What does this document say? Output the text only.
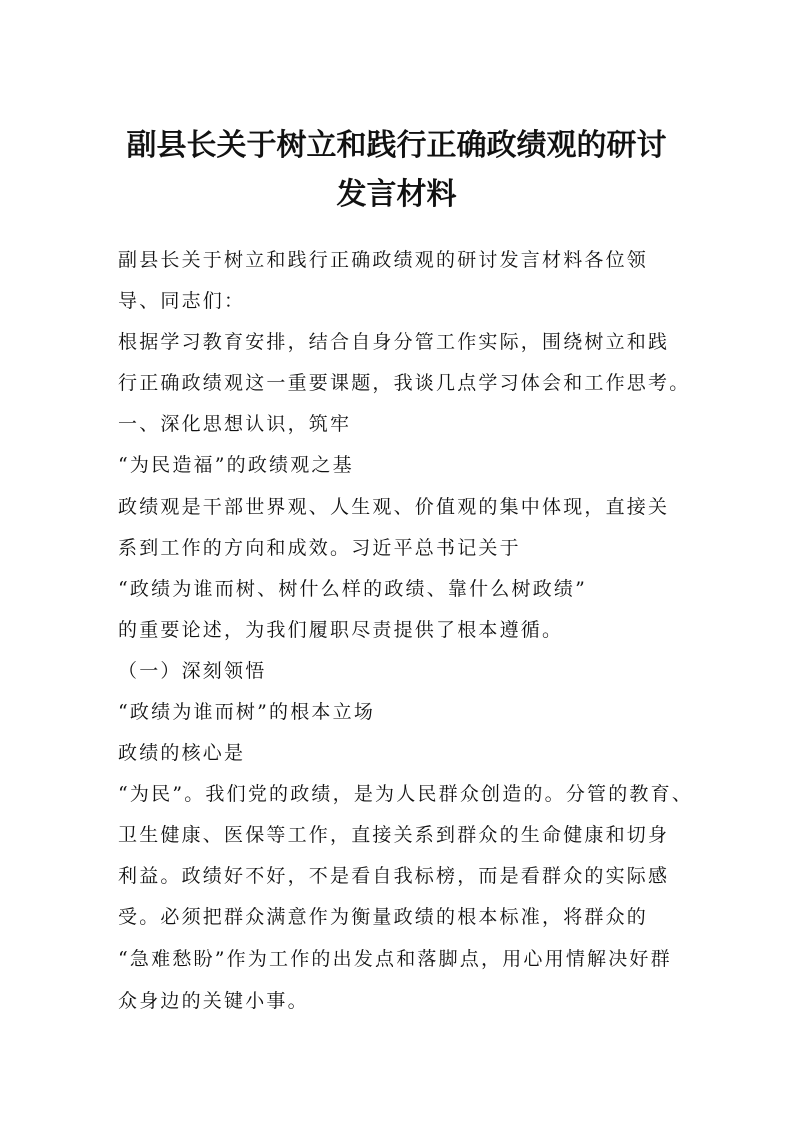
副县长关于树立和践行正确政绩观的研讨
发言材料
副县长关于树立和践行正确政绩观的研讨发言材料各位领
导、同志们：
根据学习教育安排，结合自身分管工作实际，围绕树立和践
行正确政绩观这一重要课题，我谈几点学习体会和工作思考。
一、深化思想认识，筑牢
“为民造福”的政绩观之基
政绩观是干部世界观、人生观、价值观的集中体现，直接关
系到工作的方向和成效。习近平总书记关于
“政绩为谁而树、树什么样的政绩、靠什么树政绩”
的重要论述，为我们履职尽责提供了根本遵循。
（一）深刻领悟
“政绩为谁而树”的根本立场
政绩的核心是
“为民”。我们党的政绩，是为人民群众创造的。分管的教育、
卫生健康、医保等工作，直接关系到群众的生命健康和切身
利益。政绩好不好，不是看自我标榜，而是看群众的实际感
受。必须把群众满意作为衡量政绩的根本标准，将群众的
“急难愁盼”作为工作的出发点和落脚点，用心用情解决好群
众身边的关键小事。
